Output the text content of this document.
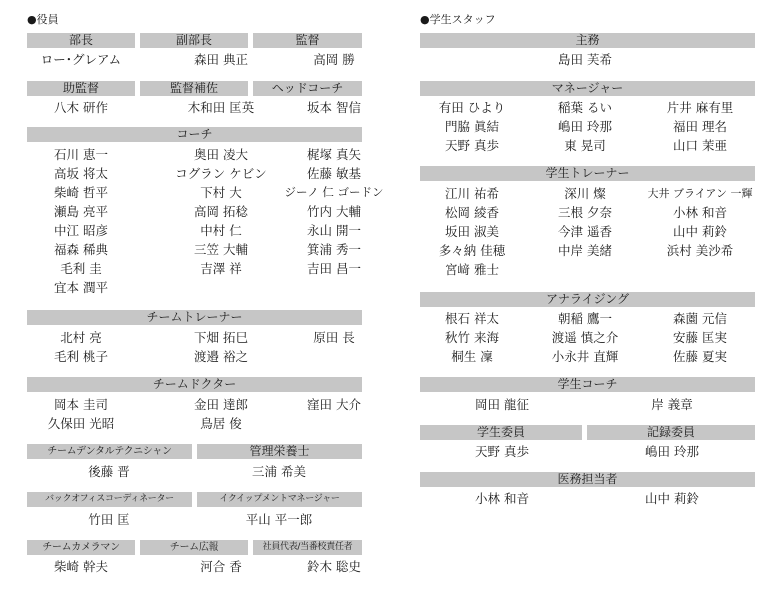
●役員	●学生スタッフ
部長	副部長	監督
ロー･グレアム	森田 典正	高岡 勝
助監督	監督補佐	ヘッドコーチ
八木 研作	木和田 匡英	坂本 智信
コーチ
石川 恵一	奥田 凌大	梶塚 真矢
高坂 将太	コグラン ケビン	佐藤 敏基
柴崎 哲平	下村 大	ジーノ 仁 ゴードン
瀬島 亮平	高岡 拓稔	竹内 大輔
中江 昭彦	中村 仁	永山 開一
福森 稀典	三笠 大輔	箕浦 秀一
毛利 圭	吉澤 祥	吉田 昌一
宜本 潤平
チームトレーナー
北村 亮	下畑 拓巳	原田 長
毛利 桃子	渡邉 裕之
チームドクター
岡本 圭司	金田 達郎	窪田 大介
久保田 光昭	鳥居 俊
チームデンタルテクニシャン	管理栄養士
後藤 晋	三浦 希美
バックオフィスコーディネーター	イクイップメントマネージャー
竹田 匡	平山 平一郎
チームカメラマン	チーム広報	社員代表/当番校責任者
柴崎 幹夫	河合 香	鈴木 聡史
主務
島田 芙希
マネージャー
有田 ひより	稲葉 るい	片井 麻有里
門脇 眞結	嶋田 玲那	福田 理名
天野 真歩	東 晃司	山口 茉亜
学生トレーナー
江川 祐希	深川 燦	大井 ブライアン 一輝
松岡 綾香	三根 夕奈	小林 和音
坂田 淑美	今津 遥香	山中 莉鈴
多々納 佳穂	中岸 美緒	浜村 美沙希
宮﨑 雅士
アナライジング
根石 祥太	朝稲 鷹一	森薗 元信
秋竹 来海	渡遥 慎之介	安藤 匡実
桐生 凜	小永井 直輝	佐藤 夏実
学生コーチ
岡田 龍征	岸 義章
学生委員	記録委員
天野 真歩	嶋田 玲那
医務担当者
小林 和音	山中 莉鈴
